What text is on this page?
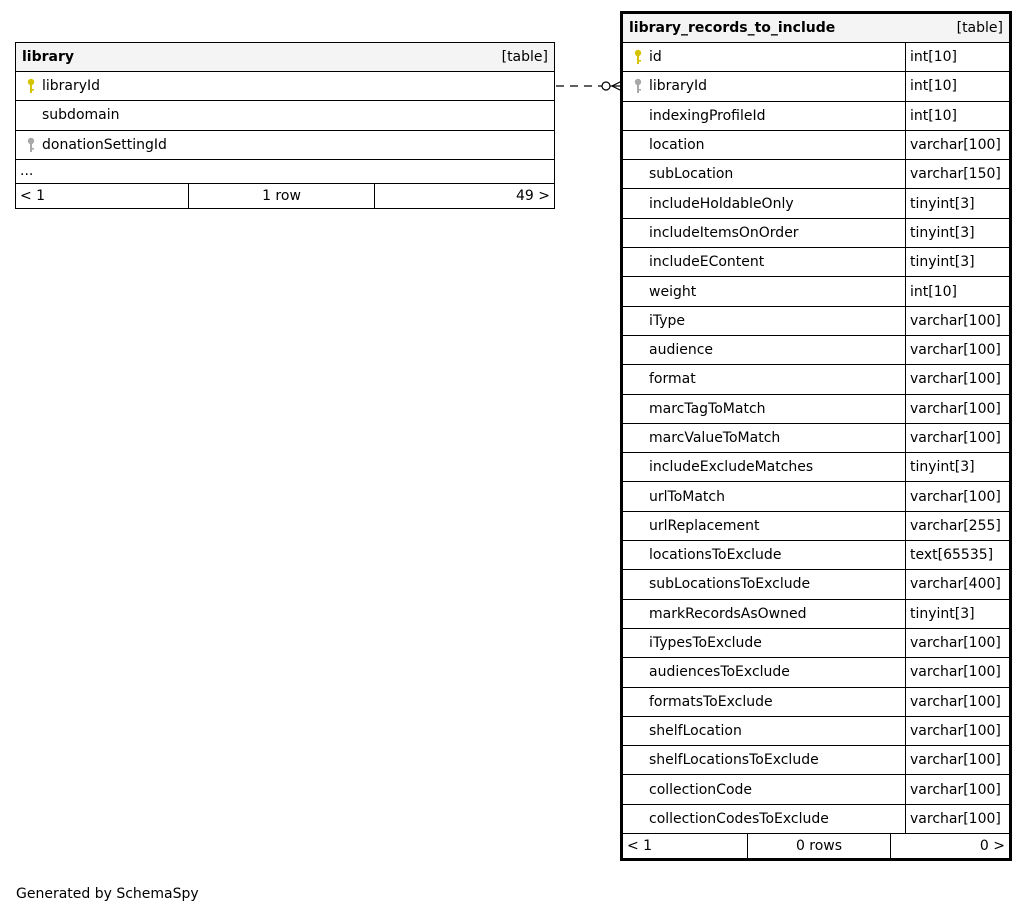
library	[table]
libraryId
subdomain
donationSettingId
...
< 1	1 row	49 >
library_records_to_include	[table]
id	int[10]
libraryId	int[10]
indexingProfileId	int[10]
location	varchar[100]
subLocation	varchar[150]
includeHoldableOnly	tinyint[3]
includeItemsOnOrder	tinyint[3]
includeEContent	tinyint[3]
weight	int[10]
iType	varchar[100]
audience	varchar[100]
format	varchar[100]
marcTagToMatch	varchar[100]
marcValueToMatch	varchar[100]
includeExcludeMatches	tinyint[3]
urlToMatch	varchar[100]
urlReplacement	varchar[255]
locationsToExclude	text[65535]
subLocationsToExclude	varchar[400]
markRecordsAsOwned	tinyint[3]
iTypesToExclude	varchar[100]
audiencesToExclude	varchar[100]
formatsToExclude	varchar[100]
shelfLocation	varchar[100]
shelfLocationsToExclude	varchar[100]
collectionCode	varchar[100]
collectionCodesToExclude	varchar[100]
< 1	0 rows	0 >
Generated by SchemaSpy
